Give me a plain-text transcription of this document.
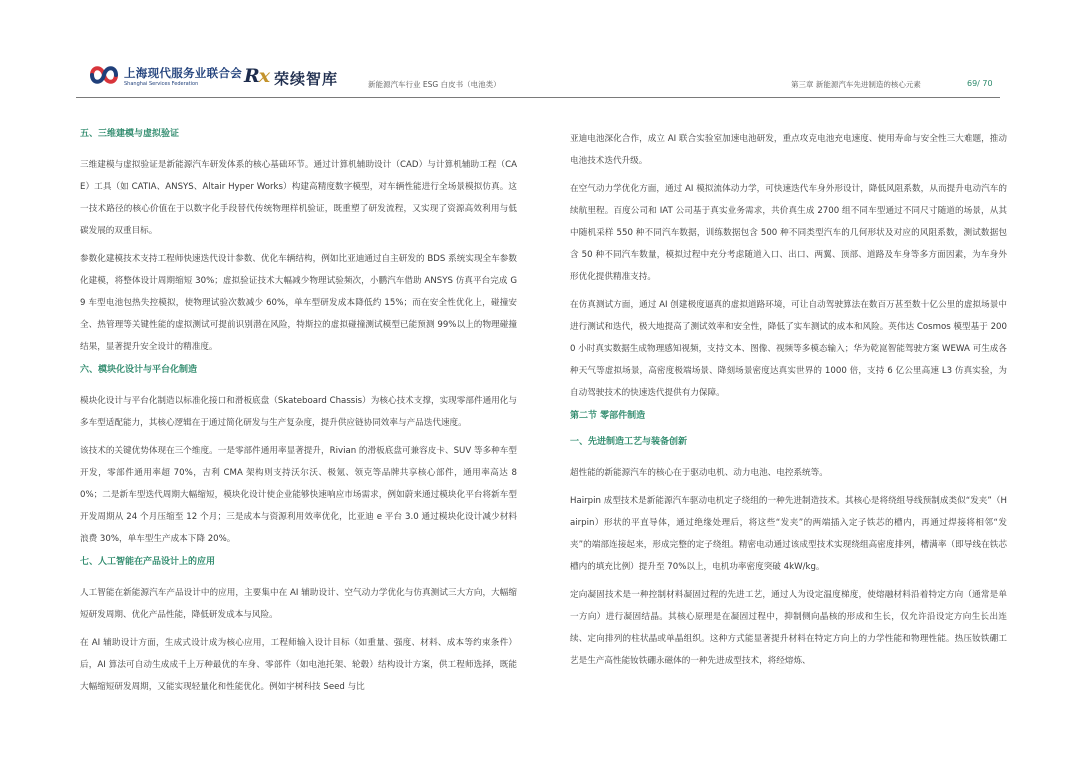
上海现代服务业联合会
Shanghai Services Federation Rx 荣续智库	新能源汽车行业 ESG 白皮书（电池类）	第三章 新能源汽车先进制造的核心元素	69/ 70
五、三维建模与虚拟验证

三维建模与虚拟验证是新能源汽车研发体系的核心基础环节。通过计算机辅助设计（CAD）与计算机辅助工程（CAE）工具（如 CATIA、ANSYS、Altair Hyper Works）构建高精度数字模型，对车辆性能进行全场景模拟仿真。这一技术路径的核心价值在于以数字化手段替代传统物理样机验证，既重塑了研发流程，又实现了资源高效利用与低碳发展的双重目标。

参数化建模技术支持工程师快速迭代设计参数、优化车辆结构，例如比亚迪通过自主研发的 BDS 系统实现全车参数化建模，将整体设计周期缩短 30%；虚拟验证技术大幅减少物理试验频次，小鹏汽车借助 ANSYS 仿真平台完成 G9 车型电池包热失控模拟，使物理试验次数减少 60%，单车型研发成本降低约 15%；而在安全性优化上，碰撞安全、热管理等关键性能的虚拟测试可提前识别潜在风险，特斯拉的虚拟碰撞测试模型已能预测 99%以上的物理碰撞结果，显著提升安全设计的精准度。

六、模块化设计与平台化制造

模块化设计与平台化制造以标准化接口和滑板底盘（Skateboard Chassis）为核心技术支撑，实现零部件通用化与多车型适配能力，其核心逻辑在于通过简化研发与生产复杂度，提升供应链协同效率与产品迭代速度。

该技术的关键优势体现在三个维度。一是零部件通用率显著提升，Rivian 的滑板底盘可兼容皮卡、SUV 等多种车型开发，零部件通用率超 70%，吉利 CMA 架构则支持沃尔沃、极氪、领克等品牌共享核心部件，通用率高达 80%；二是新车型迭代周期大幅缩短，模块化设计使企业能够快速响应市场需求，例如蔚来通过模块化平台将新车型开发周期从 24 个月压缩至 12 个月；三是成本与资源利用效率优化，比亚迪 e 平台 3.0 通过模块化设计减少材料浪费 30%，单车型生产成本下降 20%。

七、人工智能在产品设计上的应用

人工智能在新能源汽车产品设计中的应用，主要集中在 AI 辅助设计、空气动力学优化与仿真测试三大方向，大幅缩短研发周期、优化产品性能，降低研发成本与风险。

在 AI 辅助设计方面，生成式设计成为核心应用，工程师输入设计目标（如重量、强度、材料、成本等约束条件）后，AI 算法可自动生成成千上万种最优的车身、零部件（如电池托架、轮毂）结构设计方案，供工程师选择，既能大幅缩短研发周期，又能实现轻量化和性能优化。例如宇树科技 Seed 与比

亚迪电池深化合作，成立 AI 联合实验室加速电池研发，重点攻克电池充电速度、使用寿命与安全性三大难题，推动电池技术迭代升级。

在空气动力学优化方面，通过 AI 模拟流体动力学，可快速迭代车身外形设计，降低风阻系数，从而提升电动汽车的续航里程。百度公司和 IAT 公司基于真实业务需求，共价真生成 2700 组不同车型通过不同尺寸随道的场景，从其中随机采样 550 种不同汽车数据，训练数据包含 500 种不同类型汽车的几何形状及对应的风阻系数，测试数据包含 50 种不同汽车数量，模拟过程中充分考虑随道入口、出口、两翼、顶部、道路及车身等多方面因素，为车身外形优化提供精准支持。

在仿真测试方面，通过 AI 创建极度逼真的虚拟道路环境，可让自动驾驶算法在数百万甚至数十亿公里的虚拟场景中进行测试和迭代，极大地提高了测试效率和安全性，降低了实车测试的成本和风险。英伟达 Cosmos 模型基于 2000 小时真实数据生成物理感知视频，支持文本、图像、视频等多模态输入；华为乾崑智能驾驶方案 WEWA 可生成各种天气等虚拟场景，高密度极端场景、降刻场景密度达真实世界的 1000 倍，支持 6 亿公里高速 L3 仿真实验，为自动驾驶技术的快速迭代提供有力保障。

第二节 零部件制造
一、先进制造工艺与装备创新

超性能的新能源汽车的核心在于驱动电机、动力电池、电控系统等。

Hairpin 成型技术是新能源汽车驱动电机定子绕组的一种先进制造技术。其核心是将绕组导线预制成类似“发夹”（Hairpin）形状的平直导体，通过绝缘处理后，将这些“发夹”的两端插入定子铁芯的槽内，再通过焊接将相邻“发夹”的端部连接起来，形成完整的定子绕组。精密电动通过该成型技术实现绕组高密度排列，槽满率（即导线在铁芯槽内的填充比例）提升至 70%以上，电机功率密度突破 4kW/kg。

定向凝固技术是一种控制材料凝固过程的先进工艺，通过人为设定温度梯度，使熔融材料沿着特定方向（通常是单一方向）进行凝固结晶。其核心原理是在凝固过程中，抑制侧向晶核的形成和生长，仅允许沿设定方向生长出连续、定向排列的柱状晶或单晶组织。这种方式能显著提升材料在特定方向上的力学性能和物理性能。热压钕铁硼工艺是生产高性能钕铁硼永磁体的一种先进成型技术，将经熔炼、
